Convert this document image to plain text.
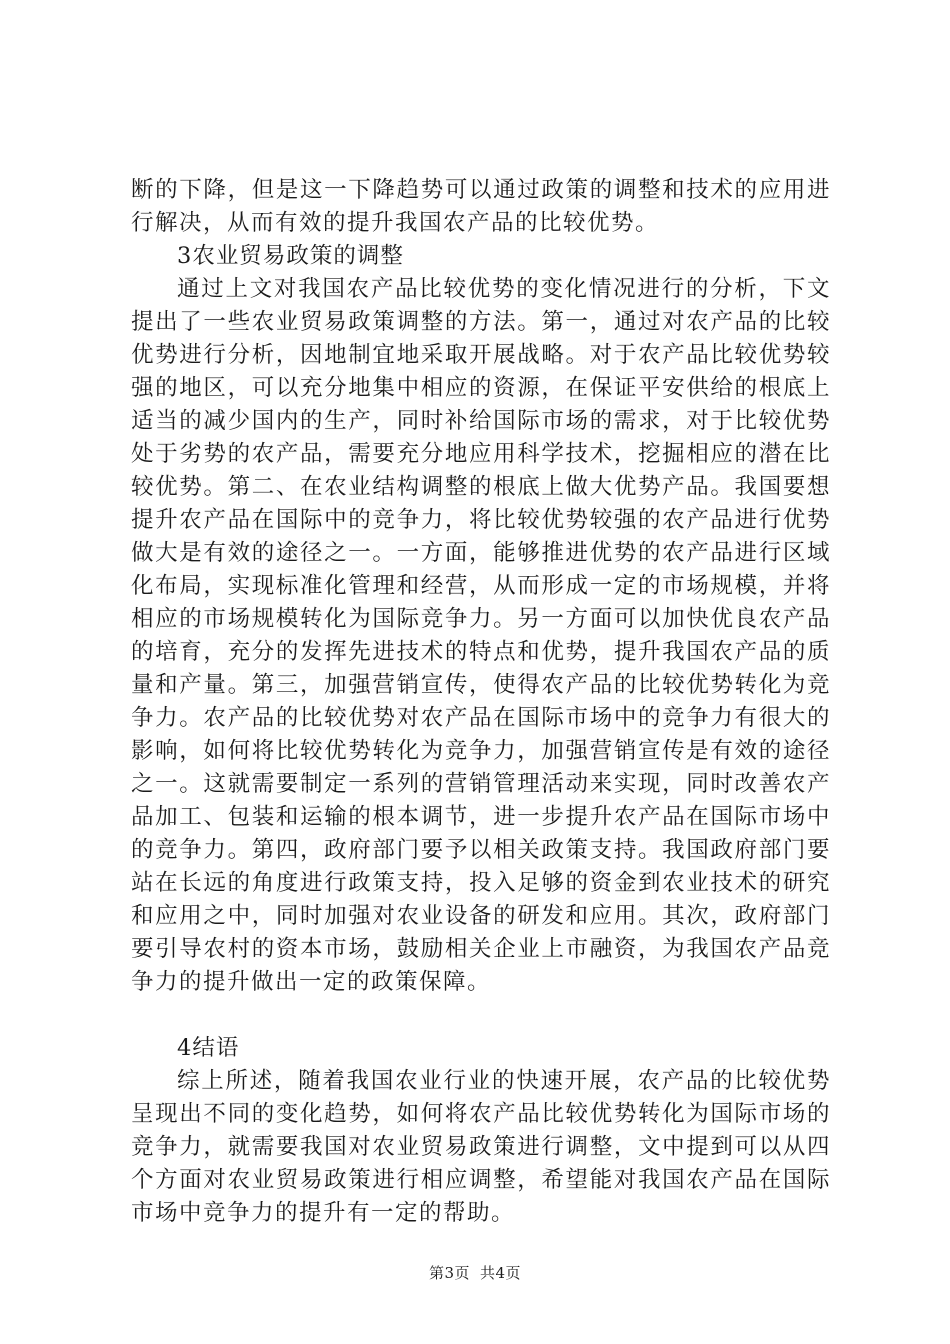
断的下降，但是这一下降趋势可以通过政策的调整和技术的应用进行解决，从而有效的提升我国农产品的比较优势。

3农业贸易政策的调整

通过上文对我国农产品比较优势的变化情况进行的分析，下文提出了一些农业贸易政策调整的方法。第一，通过对农产品的比较优势进行分析，因地制宜地采取开展战略。对于农产品比较优势较强的地区，可以充分地集中相应的资源，在保证平安供给的根底上适当的减少国内的生产，同时补给国际市场的需求，对于比较优势处于劣势的农产品，需要充分地应用科学技术，挖掘相应的潜在比较优势。第二、在农业结构调整的根底上做大优势产品。我国要想提升农产品在国际中的竞争力，将比较优势较强的农产品进行优势做大是有效的途径之一。一方面，能够推进优势的农产品进行区域化布局，实现标准化管理和经营，从而形成一定的市场规模，并将相应的市场规模转化为国际竞争力。另一方面可以加快优良农产品的培育，充分的发挥先进技术的特点和优势，提升我国农产品的质量和产量。第三，加强营销宣传，使得农产品的比较优势转化为竞争力。农产品的比较优势对农产品在国际市场中的竞争力有很大的影响，如何将比较优势转化为竞争力，加强营销宣传是有效的途径之一。这就需要制定一系列的营销管理活动来实现，同时改善农产品加工、包装和运输的根本调节，进一步提升农产品在国际市场中的竞争力。第四，政府部门要予以相关政策支持。我国政府部门要站在长远的角度进行政策支持，投入足够的资金到农业技术的研究和应用之中，同时加强对农业设备的研发和应用。其次，政府部门要引导农村的资本市场，鼓励相关企业上市融资，为我国农产品竞争力的提升做出一定的政策保障。

4结语

综上所述，随着我国农业行业的快速开展，农产品的比较优势呈现出不同的变化趋势，如何将农产品比较优势转化为国际市场的竞争力，就需要我国对农业贸易政策进行调整，文中提到可以从四个方面对农业贸易政策进行相应调整，希望能对我国农产品在国际市场中竞争力的提升有一定的帮助。

第3页 共4页
